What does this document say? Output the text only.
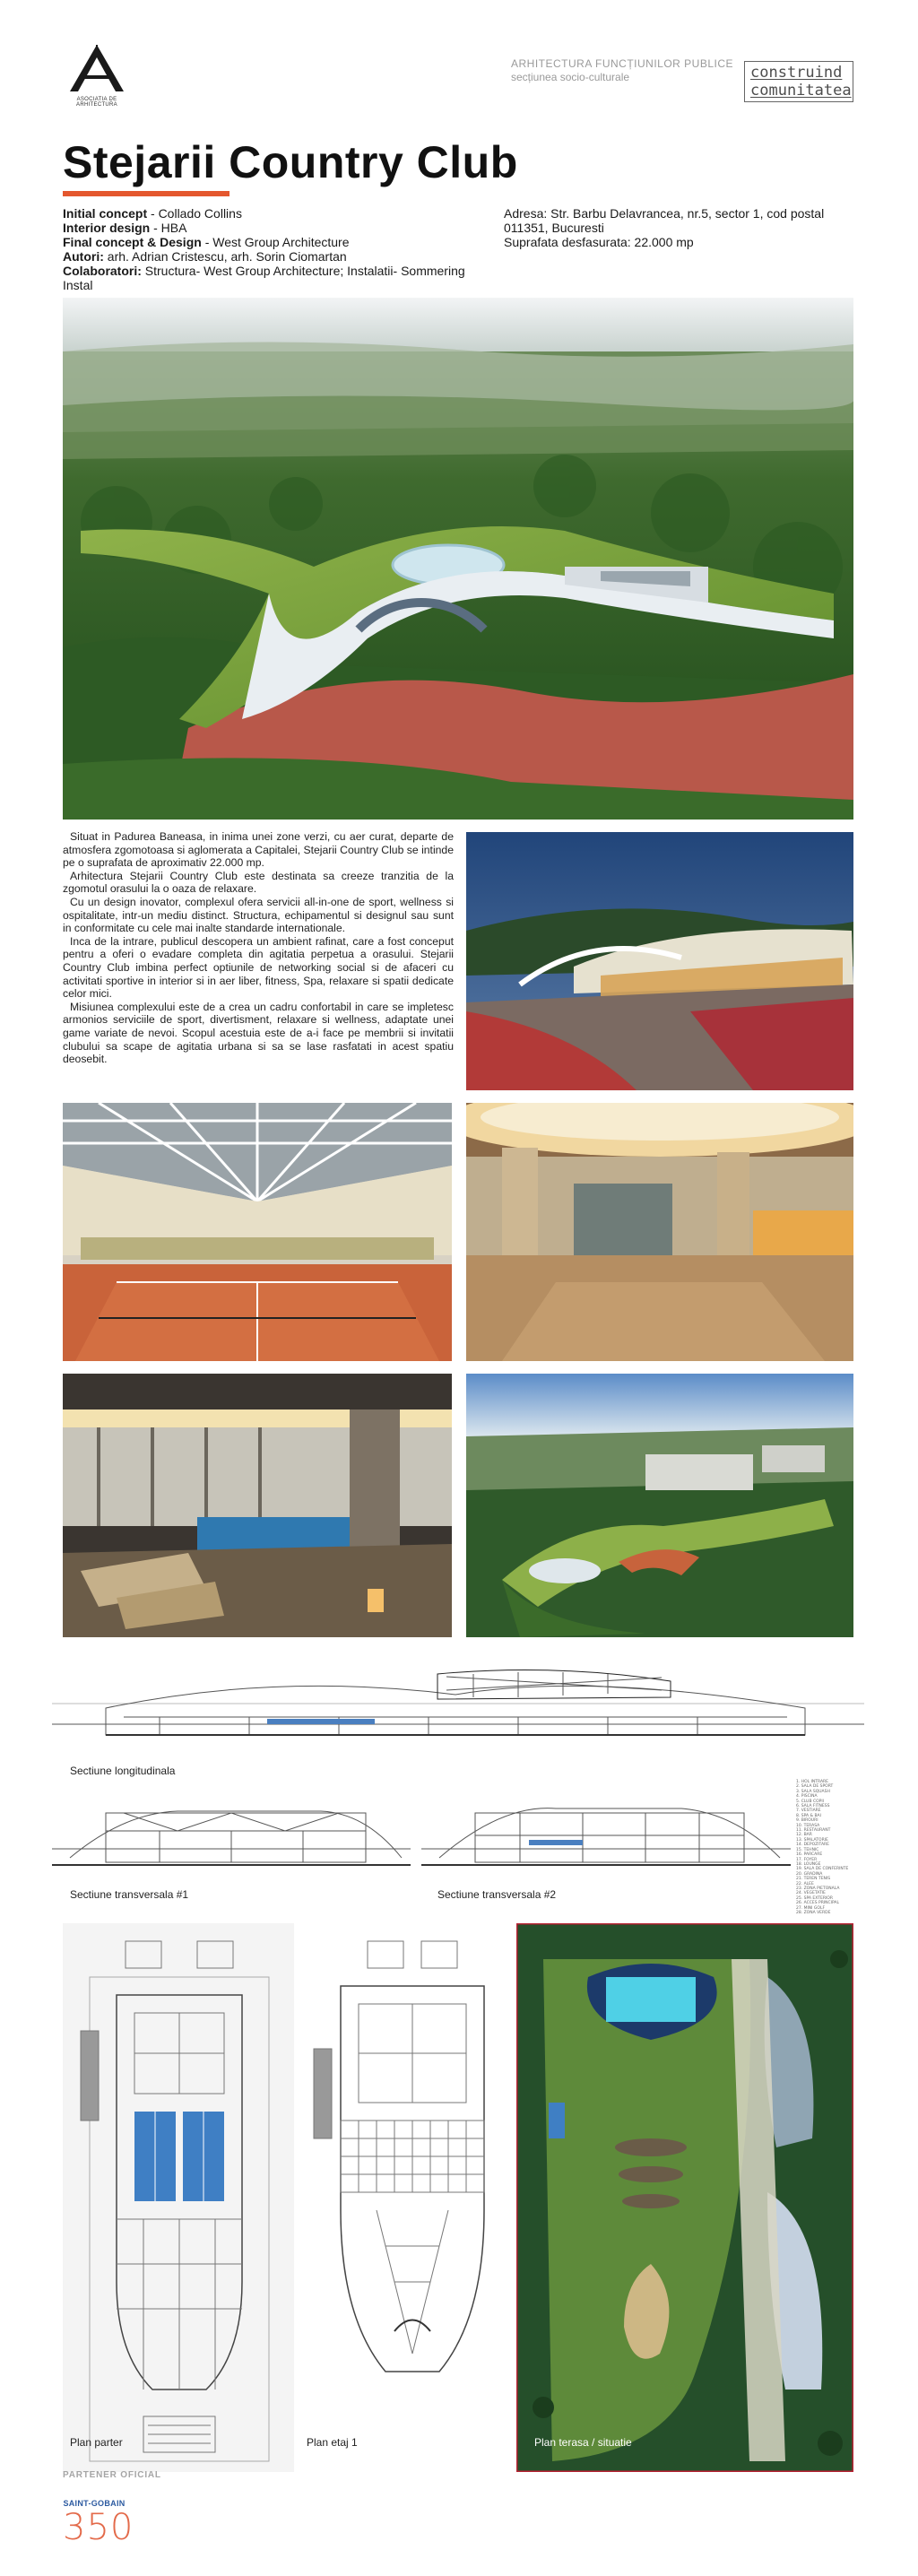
ASOCIATIA DE ARHITECTURA
ARHITECTURA FUNCȚIUNILOR PUBLICE
secțiunea socio-culturale	construind
comunitatea
Stejarii Country Club

Initial concept - Collado Collins

Interior design - HBA

Final concept & Design - West Group Architecture

Autori: arh. Adrian Cristescu, arh. Sorin Ciomartan

Colaboratori: Structura- West Group Architecture; Instalatii- Sommering Instal

Adresa: Str. Barbu Delavrancea, nr.5, sector 1, cod postal 011351, Bucuresti

Suprafata desfasurata: 22.000 mp

Situat in Padurea Baneasa, in inima unei zone verzi, cu aer curat, departe de atmosfera zgomotoasa si aglomerata a Capitalei, Stejarii Country Club se intinde pe o suprafata de aproximativ 22.000 mp.

Arhitectura Stejarii Country Club este destinata sa creeze tranzitia de la zgomotul orasului la o oaza de relaxare.

Cu un design inovator, complexul ofera servicii all-in-one de sport, wellness si ospitalitate, intr-un mediu distinct. Structura, echipamentul si designul sau sunt in conformitate cu cele mai inalte standarde internationale.

Inca de la intrare, publicul descopera un ambient rafinat, care a fost conceput pentru a oferi o evadare completa din agitatia perpetua a orasului. Stejarii Country Club imbina perfect optiunile de networking social si de afaceri cu activitati sportive in interior si in aer liber, fitness, Spa, relaxare si spatii dedicate celor mici.

Misiunea complexului este de a crea un cadru confortabil in care se impletesc armonios serviciile de sport, divertisment, relaxare si wellness, adaptate unei game variate de nevoi. Scopul acestuia este de a-i face pe membrii si invitatii clubului sa scape de agitatia urbana si sa se lase rasfatati in acest spatiu deosebit.

Sectiune longitudinala
Sectiune transversala #1	Sectiune transversala #2
1. HOL INTRARE
2. SALA DE SPORT
3. SALA SQUASH
4. PISCINA
5. CLUB COPII
6. SALA FITNESS
7. VESTIARE
8. SPA & BAI
9. BIROURI
10. TERASA
11. RESTAURANT
12. BAR
13. SPALATORIE
14. DEPOZITARE
15. TEHNIC
16. PARCARE
17. FOYER
18. LOUNGE
19. SALA DE CONFERINTE
20. GRADINA
21. TEREN TENIS
22. ALEE
23. ZONA PIETONALA
24. VEGETATIE
25. SPA EXTERIOR
26. ACCES PRINCIPAL
27. MINI GOLF
28. ZONA VERDE
Plan parter	Plan etaj 1	Plan terasa / situatie
PARTENER OFICIAL
SAINT-GOBAIN
350
